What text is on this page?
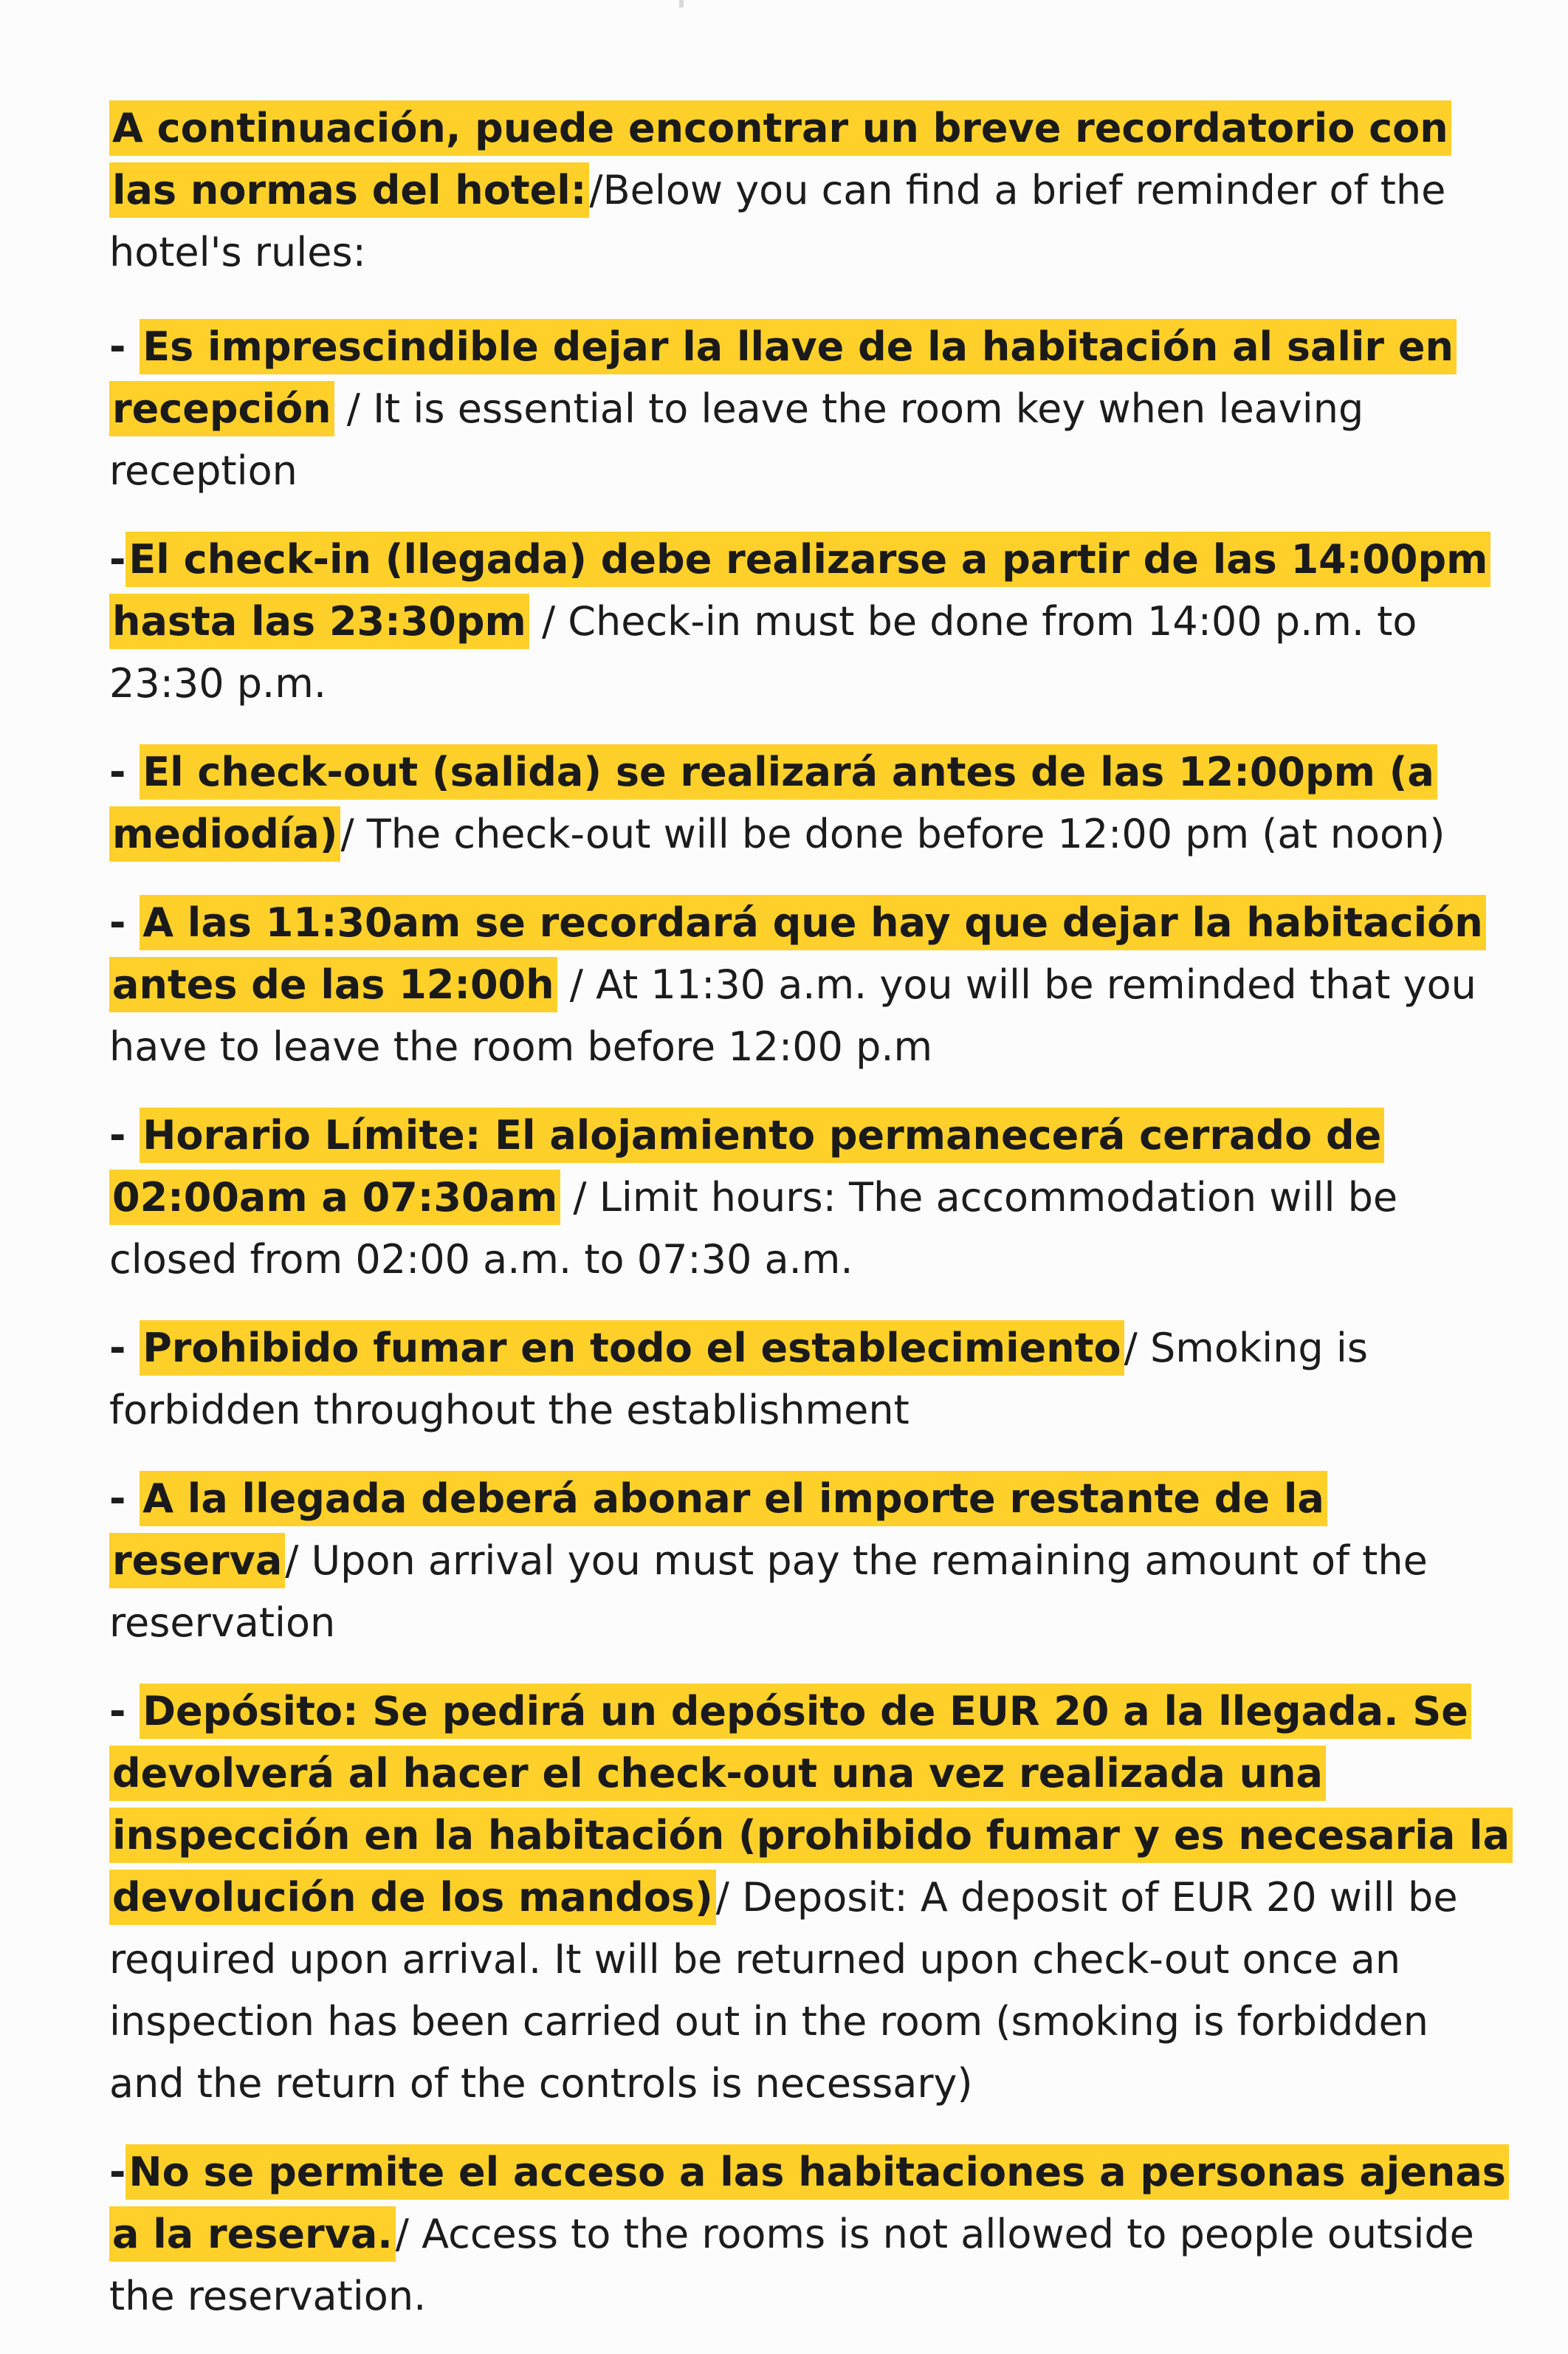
A continuación, puede encontrar un breve recordatorio con las normas del hotel:/Below you can find a brief reminder of the hotel's rules:

- Es imprescindible dejar la llave de la habitación al salir en recepción / It is essential to leave the room key when leaving reception

-El check-in (llegada) debe realizarse a partir de las 14:00pm hasta las 23:30pm / Check-in must be done from 14:00 p.m. to 23:30 p.m.

- El check-out (salida) se realizará antes de las 12:00pm (a mediodía)/ The check-out will be done before 12:00 pm (at noon)

- A las 11:30am se recordará que hay que dejar la habitación antes de las 12:00h / At 11:30 a.m. you will be reminded that you have to leave the room before 12:00 p.m

- Horario Límite: El alojamiento permanecerá cerrado de 02:00am a 07:30am / Limit hours: The accommodation will be closed from 02:00 a.m. to 07:30 a.m.

- Prohibido fumar en todo el establecimiento/ Smoking is forbidden throughout the establishment

- A la llegada deberá abonar el importe restante de la reserva/ Upon arrival you must pay the remaining amount of the reservation

- Depósito: Se pedirá un depósito de EUR 20 a la llegada. Se devolverá al hacer el check-out una vez realizada una inspección en la habitación (prohibido fumar y es necesaria la devolución de los mandos)/ Deposit: A deposit of EUR 20 will be required upon arrival. It will be returned upon check-out once an inspection has been carried out in the room (smoking is forbidden and the return of the controls is necessary)

-No se permite el acceso a las habitaciones a personas ajenas a la reserva./ Access to the rooms is not allowed to people outside the reservation.
